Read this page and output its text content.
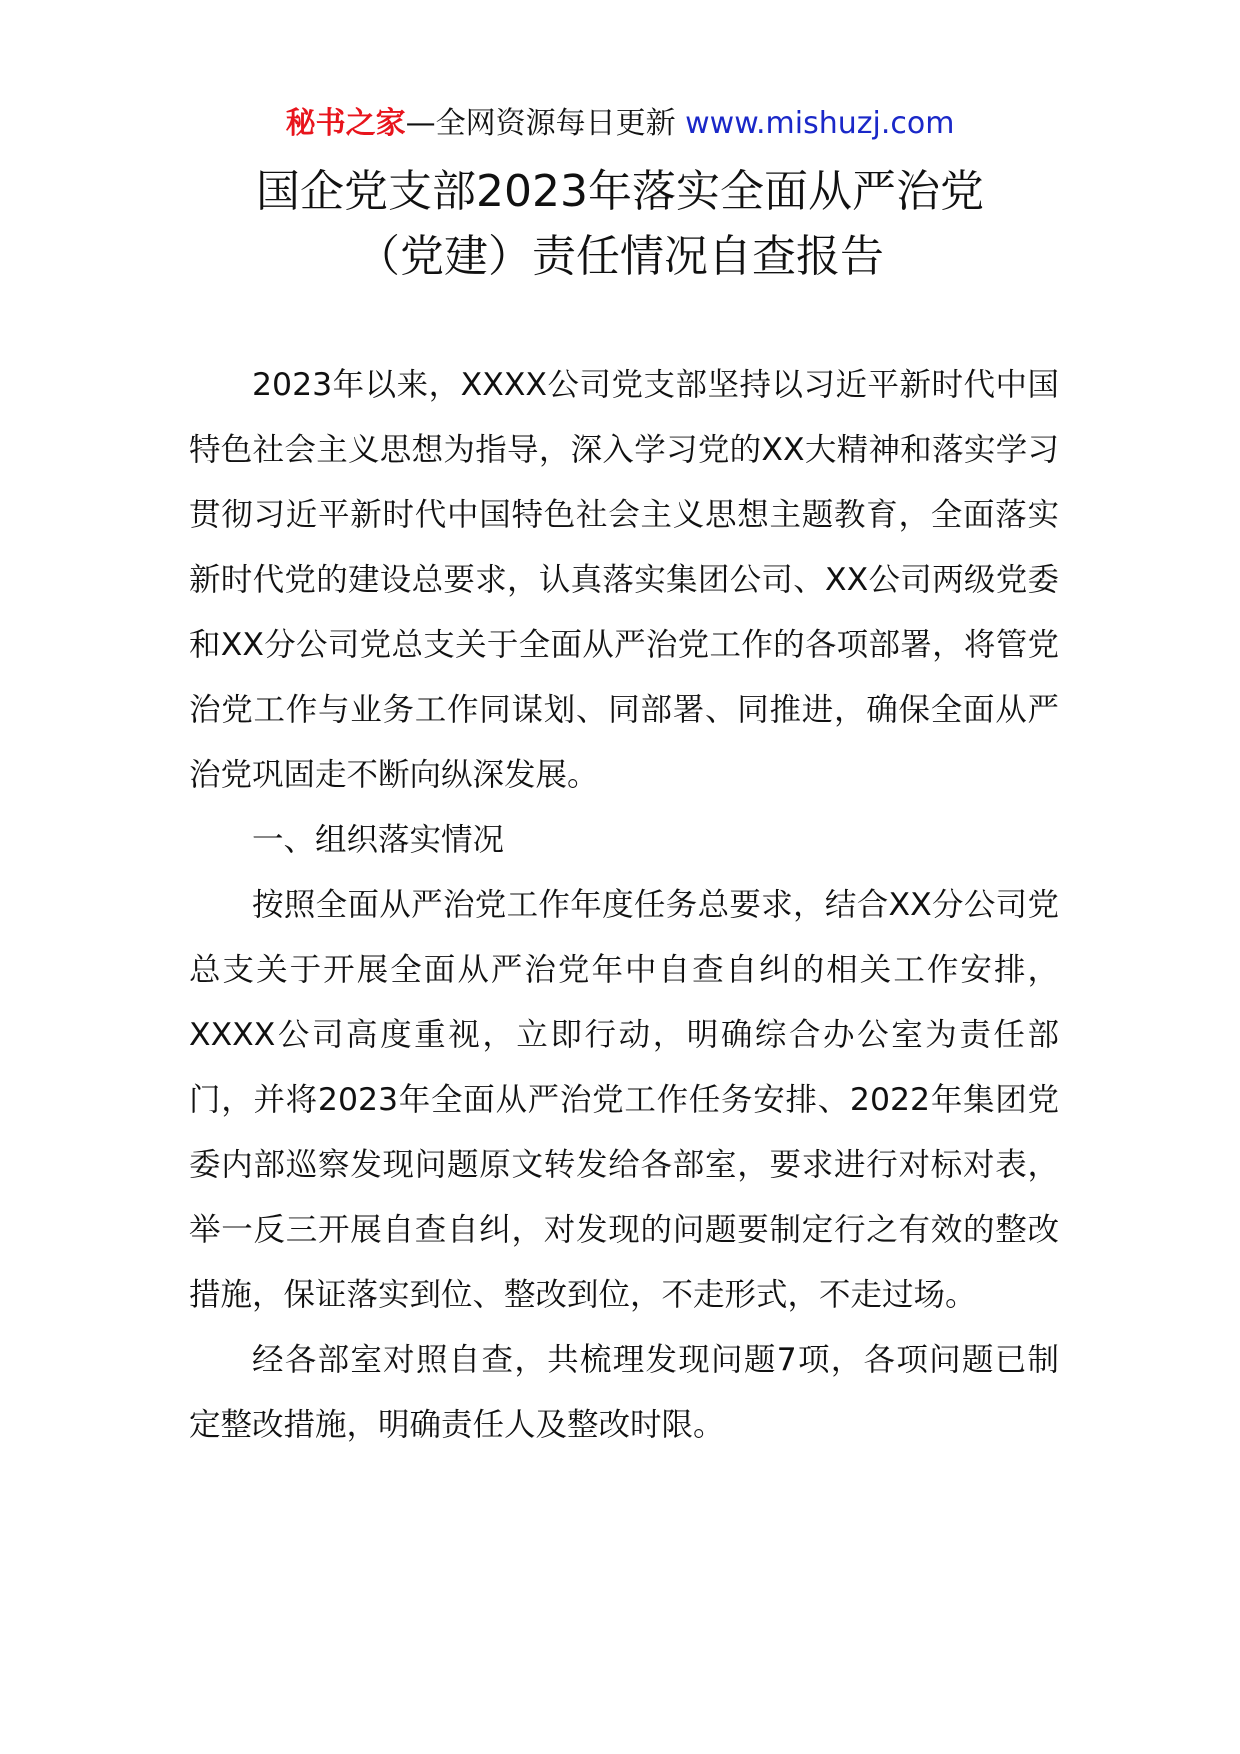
秘书之家—全网资源每日更新 www.mishuzj.com
国企党支部2023年落实全面从严治党
（党建）责任情况自查报告

2023年以来，XXXX公司党支部坚持以习近平新时代中国特色社会主义思想为指导，深入学习党的XX大精神和落实学习贯彻习近平新时代中国特色社会主义思想主题教育，全面落实新时代党的建设总要求，认真落实集团公司、XX公司两级党委和XX分公司党总支关于全面从严治党工作的各项部署，将管党治党工作与业务工作同谋划、同部署、同推进，确保全面从严治党巩固走不断向纵深发展。

一、组织落实情况

按照全面从严治党工作年度任务总要求，结合XX分公司党总支关于开展全面从严治党年中自查自纠的相关工作安排，XXXX公司高度重视，立即行动，明确综合办公室为责任部门，并将2023年全面从严治党工作任务安排、2022年集团党委内部巡察发现问题原文转发给各部室，要求进行对标对表，举一反三开展自查自纠，对发现的问题要制定行之有效的整改措施，保证落实到位、整改到位，不走形式，不走过场。

经各部室对照自查，共梳理发现问题7项，各项问题已制定整改措施，明确责任人及整改时限。
